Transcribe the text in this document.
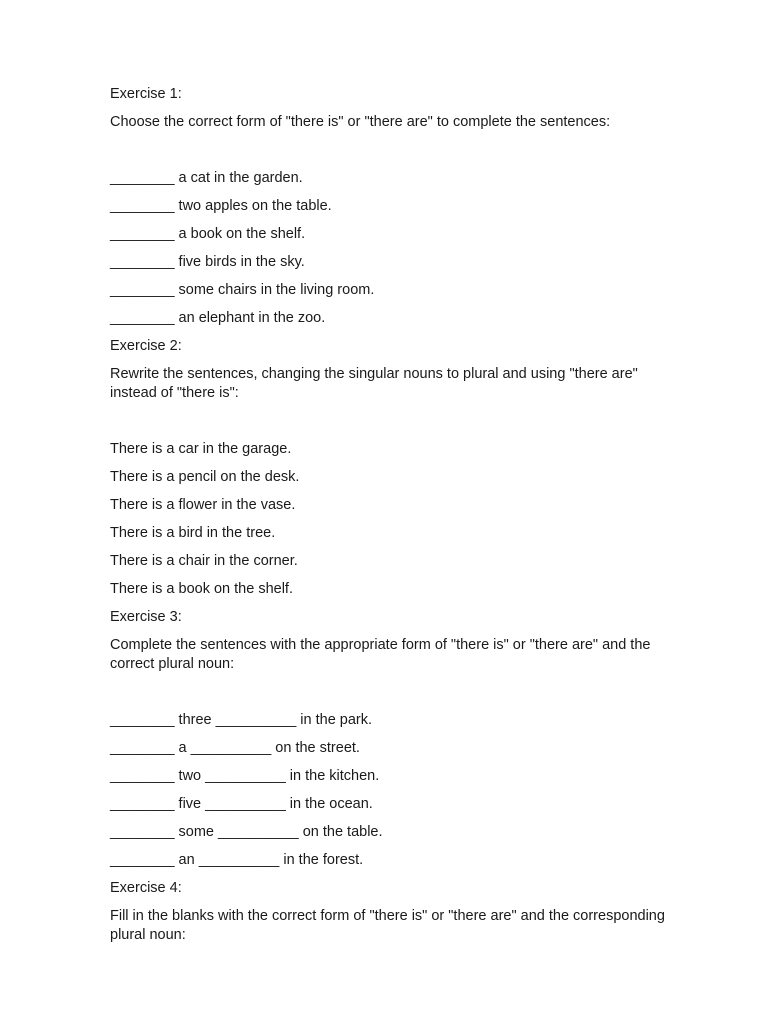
Exercise 1:
Choose the correct form of "there is" or "there are" to complete the sentences:
________ a cat in the garden.
________ two apples on the table.
________ a book on the shelf.
________ five birds in the sky.
________ some chairs in the living room.
________ an elephant in the zoo.
Exercise 2:
Rewrite the sentences, changing the singular nouns to plural and using "there are" instead of "there is":
There is a car in the garage.
There is a pencil on the desk.
There is a flower in the vase.
There is a bird in the tree.
There is a chair in the corner.
There is a book on the shelf.
Exercise 3:
Complete the sentences with the appropriate form of "there is" or "there are" and the correct plural noun:
________ three __________ in the park.
________ a __________ on the street.
________ two __________ in the kitchen.
________ five __________ in the ocean.
________ some __________ on the table.
________ an __________ in the forest.
Exercise 4:
Fill in the blanks with the correct form of "there is" or "there are" and the corresponding plural noun:
